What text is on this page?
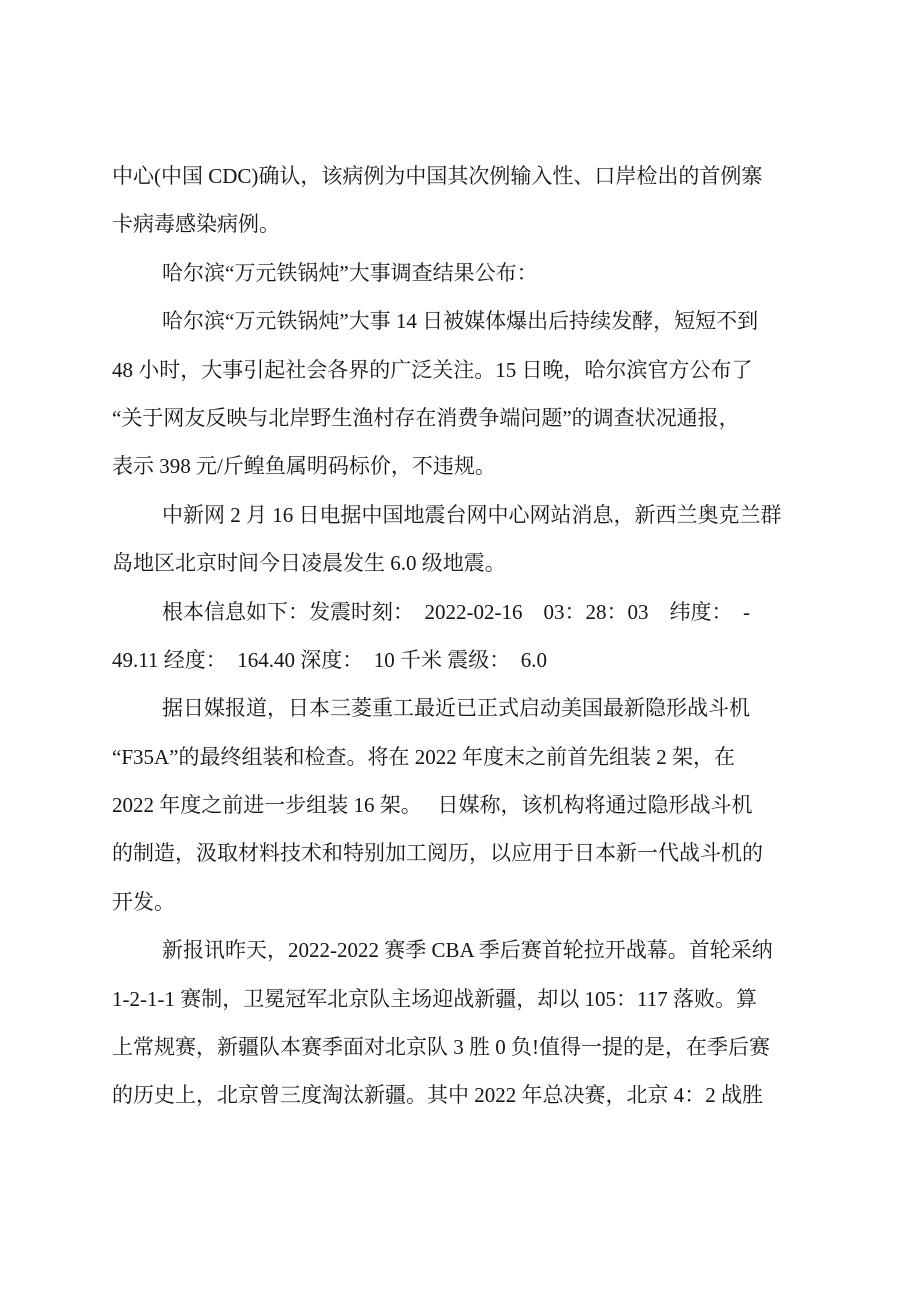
中心(中国 CDC)确认，该病例为中国其次例输入性、口岸检出的首例寨
卡病毒感染病例。
哈尔滨“万元铁锅炖”大事调查结果公布：
哈尔滨“万元铁锅炖”大事 14 日被媒体爆出后持续发酵，短短不到
48 小时，大事引起社会各界的广泛关注。15 日晚，哈尔滨官方公布了
“关于网友反映与北岸野生渔村存在消费争端问题”的调查状况通报，
表示 398 元/斤鳇鱼属明码标价，不违规。
中新网 2 月 16 日电据中国地震台网中心网站消息，新西兰奥克兰群
岛地区北京时间今日凌晨发生 6.0 级地震。
根本信息如下：发震时刻：　2022-02-16　03：28：03　纬度：　-
49.11 经度：　164.40 深度：　10 千米 震级：　6.0
据日媒报道，日本三菱重工最近已正式启动美国最新隐形战斗机
“F35A”的最终组装和检查。将在 2022 年度末之前首先组装 2 架，在
2022 年度之前进一步组装 16 架。　 日媒称，该机构将通过隐形战斗机
的制造，汲取材料技术和特别加工阅历，以应用于日本新一代战斗机的
开发。
新报讯昨天，2022-2022 赛季 CBA 季后赛首轮拉开战幕。首轮采纳
1-2-1-1 赛制，卫冕冠军北京队主场迎战新疆，却以 105：117 落败。算
上常规赛，新疆队本赛季面对北京队 3 胜 0 负!值得一提的是，在季后赛
的历史上，北京曾三度淘汰新疆。其中 2022 年总决赛，北京 4：2 战胜
